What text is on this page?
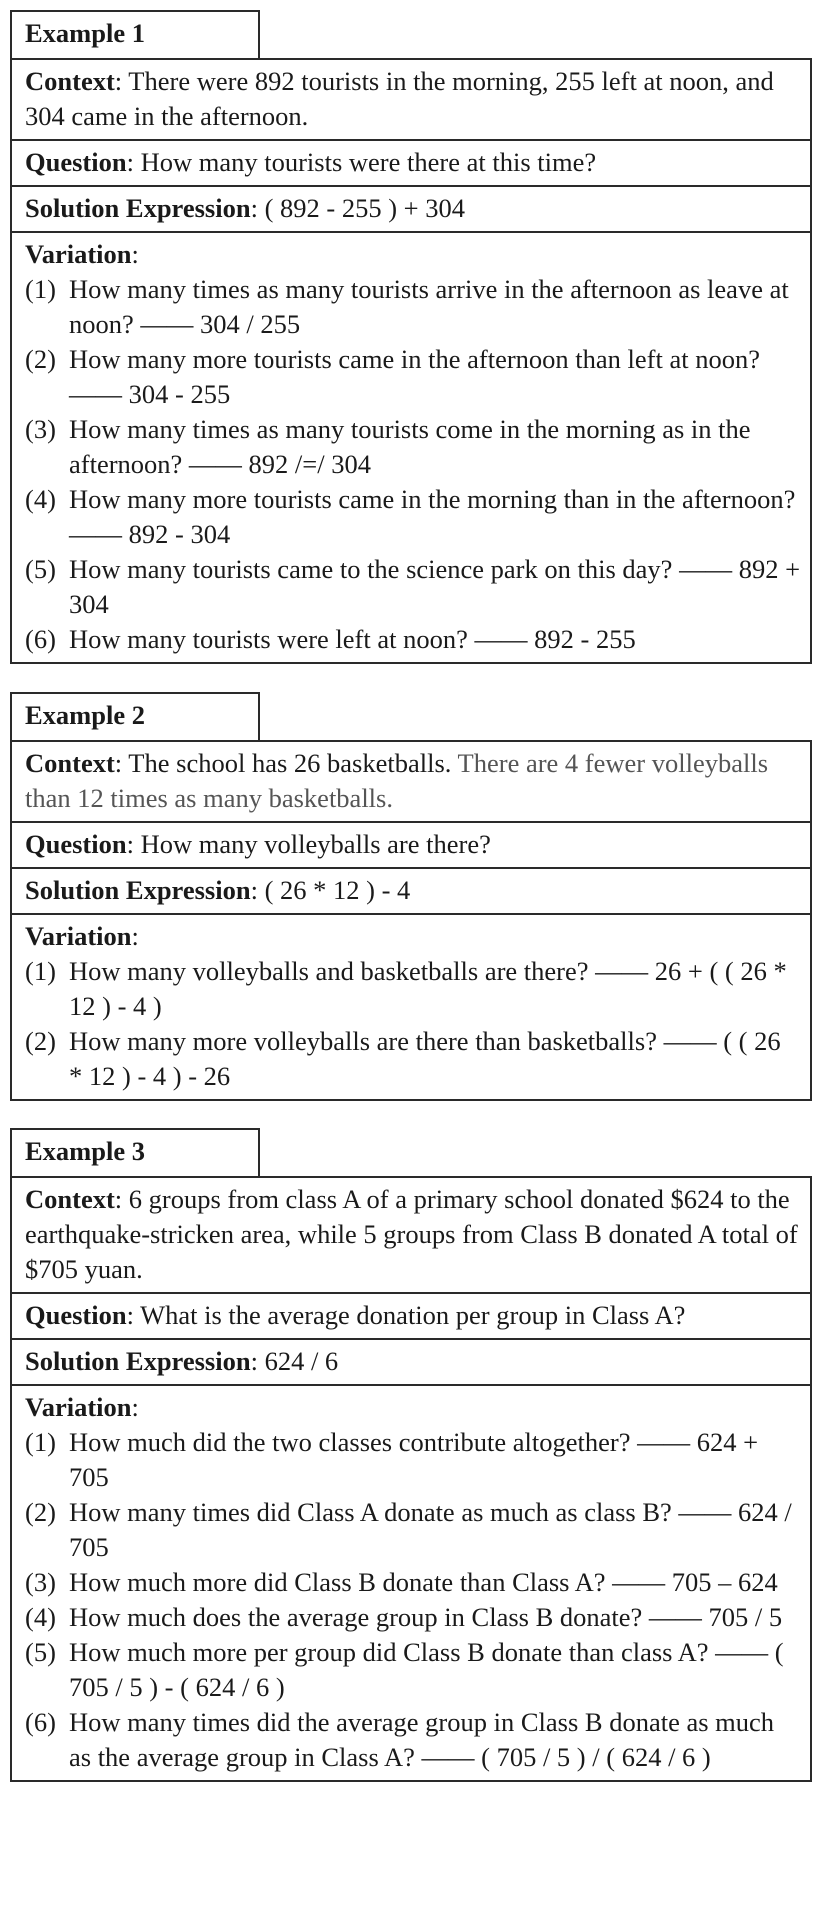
Example 1
Context: There were 892 tourists in the morning, 255 left at noon, and 304 came in the afternoon.
Question: How many tourists were there at this time?
Solution Expression: ( 892 - 255 ) + 304
Variation:
(1) How many times as many tourists arrive in the afternoon as leave at noon? —— 304 / 255
(2) How many more tourists came in the afternoon than left at noon? —— 304 - 255
(3) How many times as many tourists come in the morning as in the afternoon? —— 892 /=/ 304
(4) How many more tourists came in the morning than in the afternoon? —— 892 - 304
(5) How many tourists came to the science park on this day? —— 892 + 304
(6) How many tourists were left at noon? —— 892 - 255
Example 2
Context: The school has 26 basketballs. There are 4 fewer volleyballs than 12 times as many basketballs.
Question: How many volleyballs are there?
Solution Expression: ( 26 * 12 ) - 4
Variation:
(1) How many volleyballs and basketballs are there? —— 26 + ( ( 26 * 12 ) - 4 )
(2) How many more volleyballs are there than basketballs? —— ( ( 26 * 12 ) - 4 ) - 26
Example 3
Context: 6 groups from class A of a primary school donated $624 to the earthquake-stricken area, while 5 groups from Class B donated A total of $705 yuan.
Question: What is the average donation per group in Class A?
Solution Expression: 624 / 6
Variation:
(1) How much did the two classes contribute altogether? —— 624 + 705
(2) How many times did Class A donate as much as class B? —— 624 / 705
(3) How much more did Class B donate than Class A? —— 705 – 624
(4) How much does the average group in Class B donate? —— 705 / 5
(5) How much more per group did Class B donate than class A? —— ( 705 / 5 ) - ( 624 / 6 )
(6) How many times did the average group in Class B donate as much as the average group in Class A? —— ( 705 / 5 ) / ( 624 / 6 )
